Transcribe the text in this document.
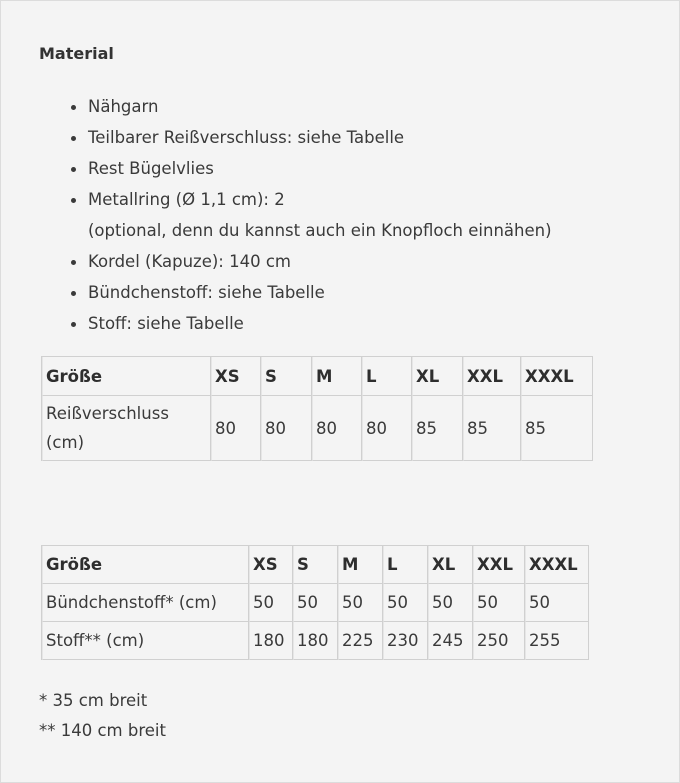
Material
Nähgarn
Teilbarer Reißverschluss: siehe Tabelle
Rest Bügelvlies
Metallring (Ø 1,1 cm): 2
(optional, denn du kannst auch ein Knopfloch einnähen)
Kordel (Kapuze): 140 cm
Bündchenstoff: siehe Tabelle
Stoff: siehe Tabelle
Größe	XS	S	M	L	XL	XXL	XXXL
Reißverschluss
(cm)	80	80	80	80	85	85	85
Größe	XS	S	M	L	XL	XXL	XXXL
Bündchenstoff* (cm)	50	50	50	50	50	50	50
Stoff** (cm)	180	180	225	230	245	250	255
* 35 cm breit
** 140 cm breit
